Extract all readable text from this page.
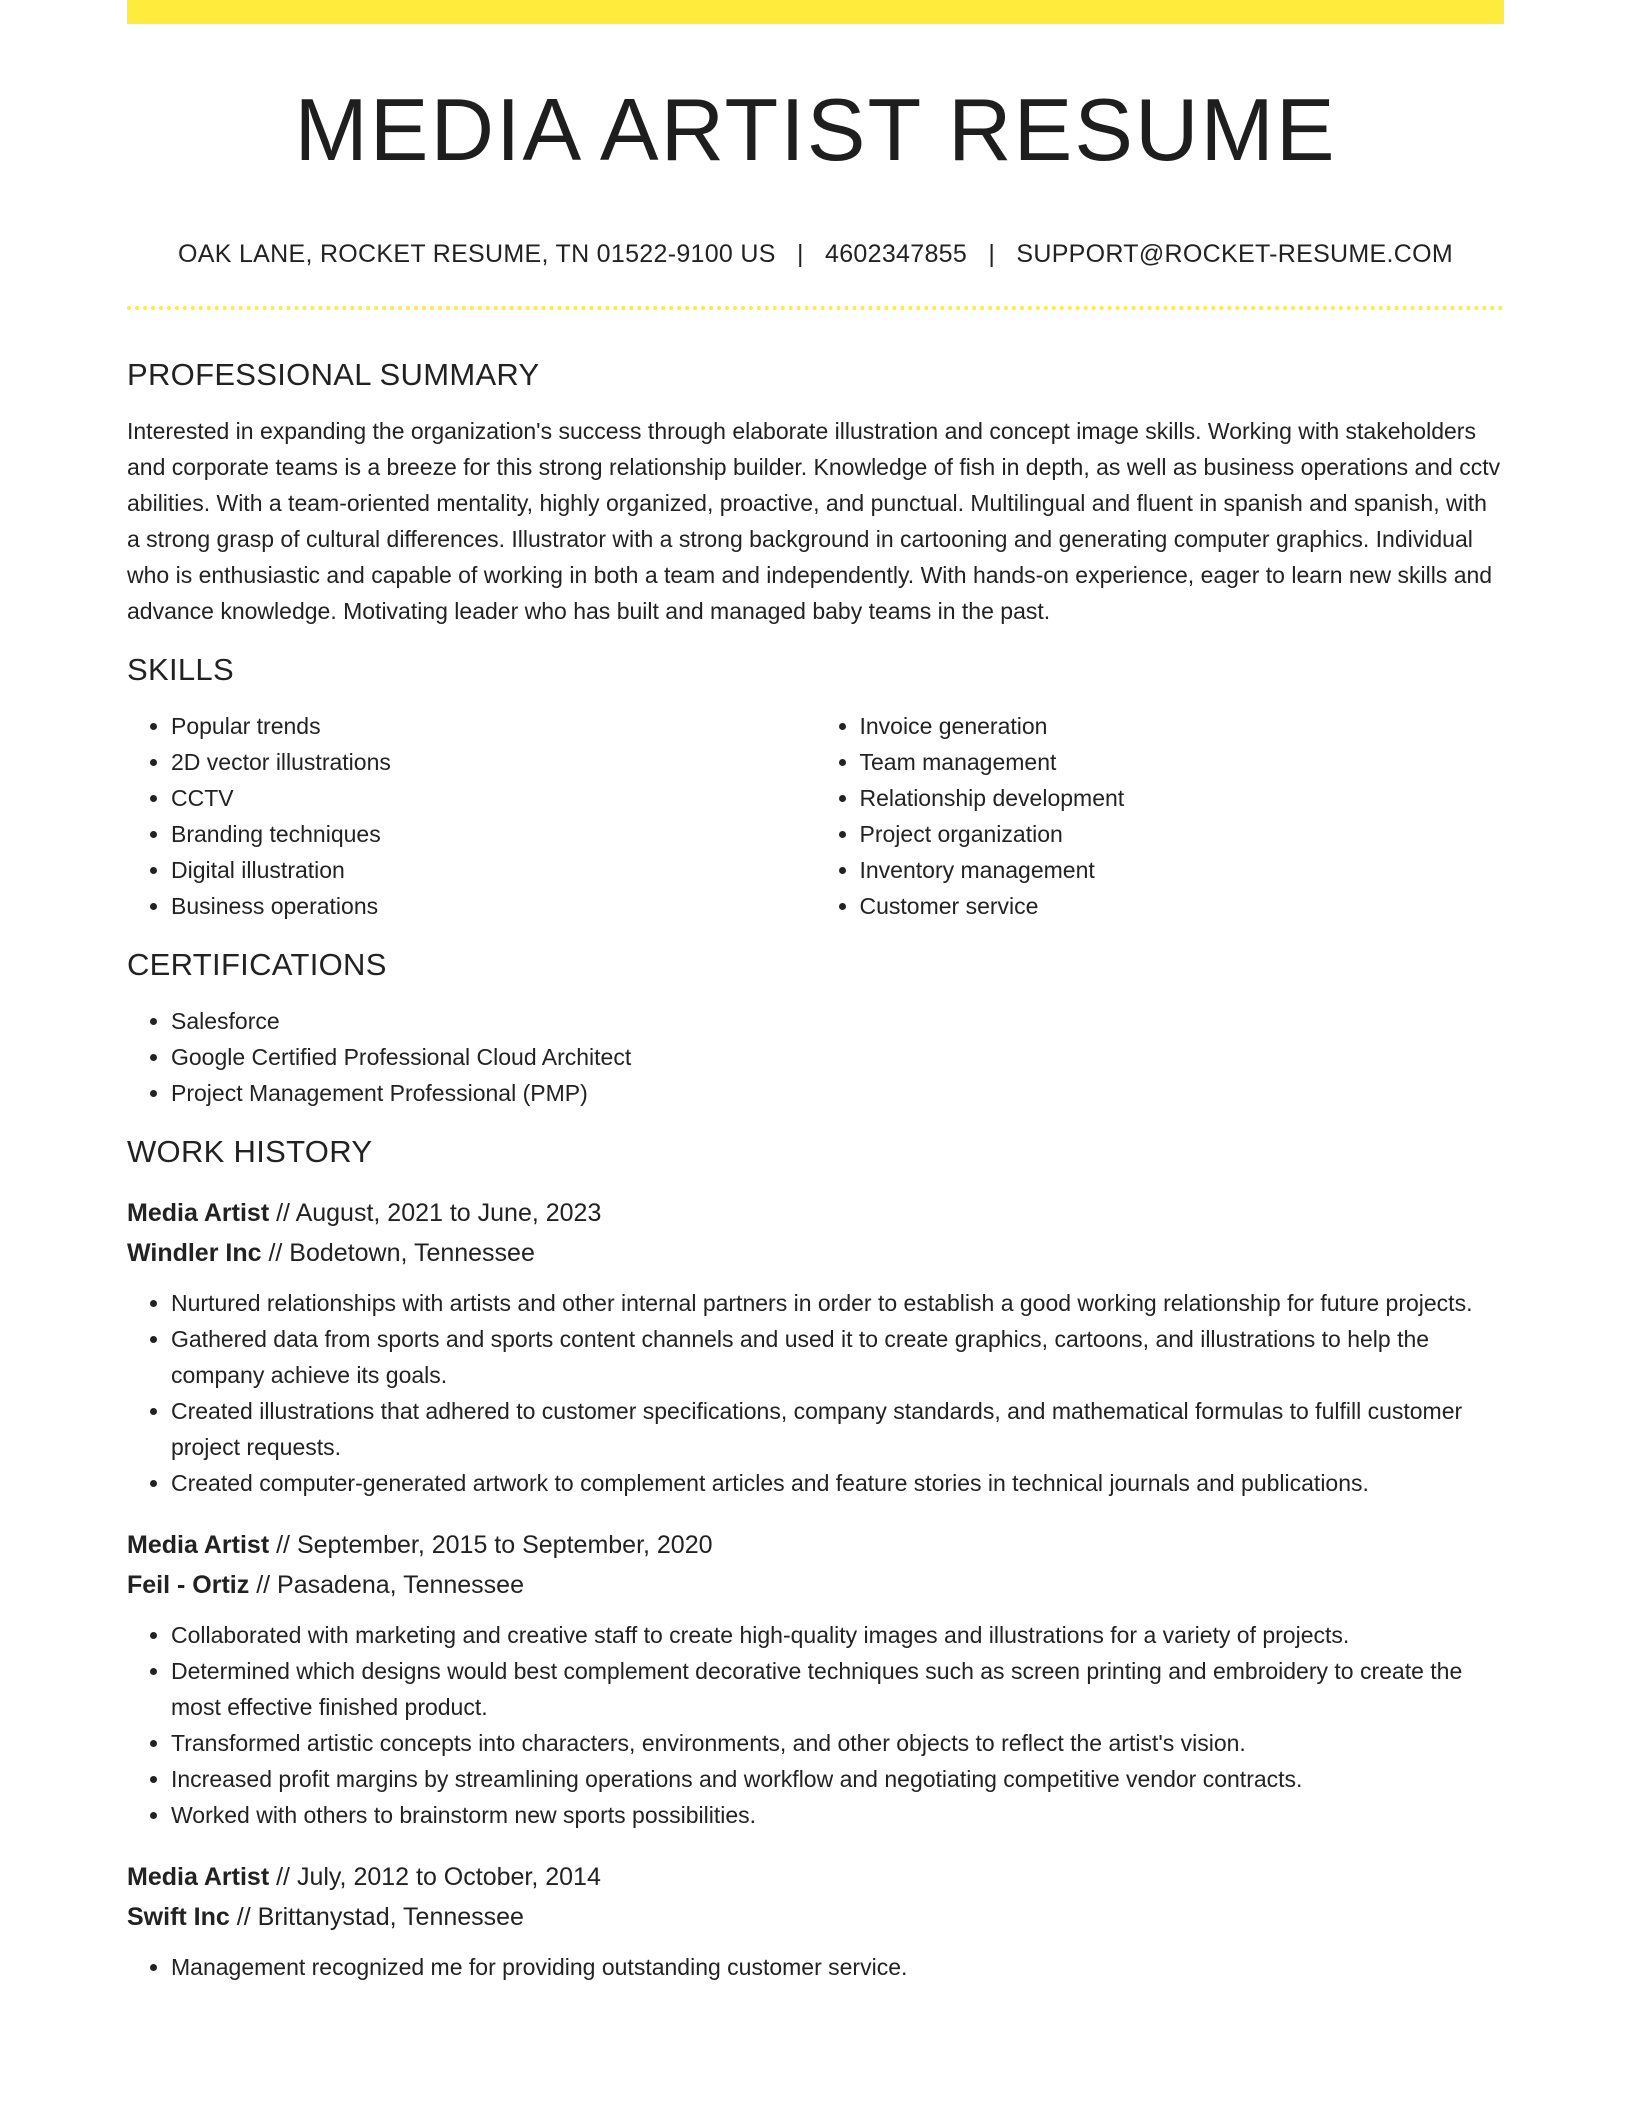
MEDIA ARTIST RESUME
OAK LANE, ROCKET RESUME, TN 01522-9100 US | 4602347855 | SUPPORT@ROCKET-RESUME.COM
PROFESSIONAL SUMMARY

Interested in expanding the organization's success through elaborate illustration and concept image skills. Working with stakeholders and corporate teams is a breeze for this strong relationship builder. Knowledge of fish in depth, as well as business operations and cctv abilities. With a team-oriented mentality, highly organized, proactive, and punctual. Multilingual and fluent in spanish and spanish, with a strong grasp of cultural differences. Illustrator with a strong background in cartooning and generating computer graphics. Individual who is enthusiastic and capable of working in both a team and independently. With hands-on experience, eager to learn new skills and advance knowledge. Motivating leader who has built and managed baby teams in the past.

SKILLS
• Popular trends
• 2D vector illustrations
• CCTV
• Branding techniques
• Digital illustration
• Business operations
• Invoice generation
• Team management
• Relationship development
• Project organization
• Inventory management
• Customer service
CERTIFICATIONS
• Salesforce
• Google Certified Professional Cloud Architect
• Project Management Professional (PMP)
WORK HISTORY
Media Artist // August, 2021 to June, 2023
Windler Inc // Bodetown, Tennessee
• Nurtured relationships with artists and other internal partners in order to establish a good working relationship for future projects.
• Gathered data from sports and sports content channels and used it to create graphics, cartoons, and illustrations to help the company achieve its goals.
• Created illustrations that adhered to customer specifications, company standards, and mathematical formulas to fulfill customer project requests.
• Created computer-generated artwork to complement articles and feature stories in technical journals and publications.
Media Artist // September, 2015 to September, 2020
Feil - Ortiz // Pasadena, Tennessee
• Collaborated with marketing and creative staff to create high-quality images and illustrations for a variety of projects.
• Determined which designs would best complement decorative techniques such as screen printing and embroidery to create the most effective finished product.
• Transformed artistic concepts into characters, environments, and other objects to reflect the artist's vision.
• Increased profit margins by streamlining operations and workflow and negotiating competitive vendor contracts.
• Worked with others to brainstorm new sports possibilities.
Media Artist // July, 2012 to October, 2014
Swift Inc // Brittanystad, Tennessee
• Management recognized me for providing outstanding customer service.
